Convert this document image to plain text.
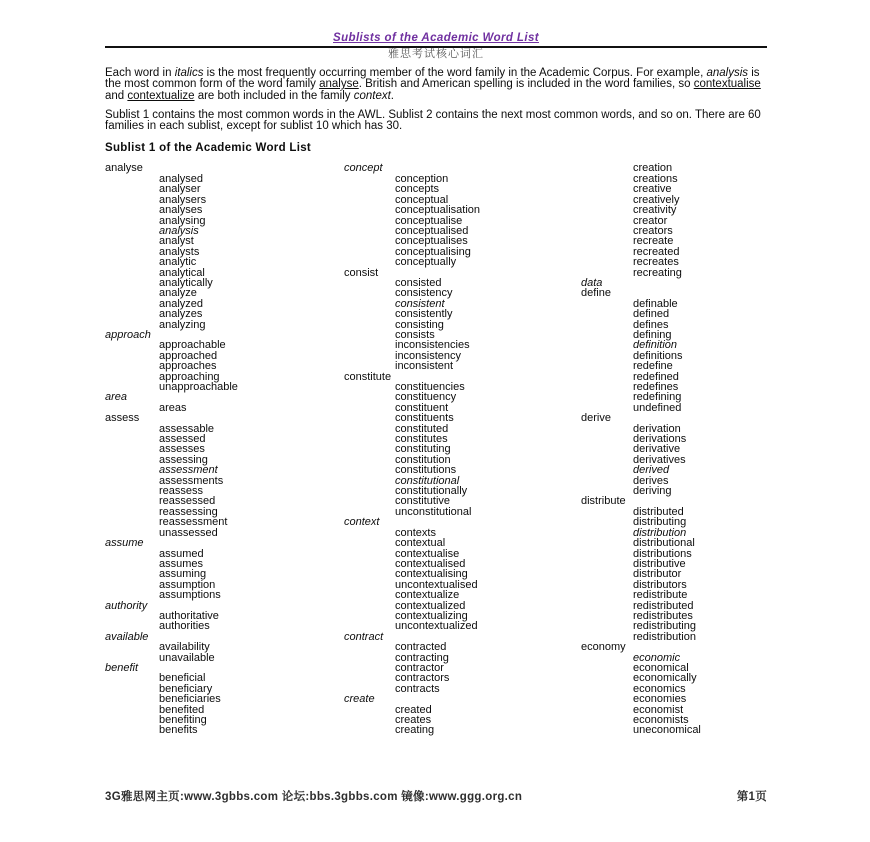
Sublists of the Academic Word List
雅思考试核心词汇

Each word in italics is the most frequently occurring member of the word family in the Academic Corpus. For example, analysis is the most common form of the word family analyse. British and American spelling is included in the word families, so contextualise and contextualize are both included in the family context.

Sublist 1 contains the most common words in the AWL. Sublist 2 contains the next most common words, and so on. There are 60 families in each sublist, except for sublist 10 which has 30.

Sublist 1 of the Academic Word List
analyse
analysed
analyser
analysers
analyses
analysing
analysis
analyst
analysts
analytic
analytical
analytically
analyze
analyzed
analyzes
analyzing
approach
approachable
approached
approaches
approaching
unapproachable
area
areas
assess
assessable
assessed
assesses
assessing
assessment
assessments
reassess
reassessed
reassessing
reassessment
unassessed
assume
assumed
assumes
assuming
assumption
assumptions
authority
authoritative
authorities
available
availability
unavailable
benefit
beneficial
beneficiary
beneficiaries
benefited
benefiting
benefits
concept
conception
concepts
conceptual
conceptualisation
conceptualise
conceptualised
conceptualises
conceptualising
conceptually
consist
consisted
consistency
consistent
consistently
consisting
consists
inconsistencies
inconsistency
inconsistent
constitute
constituencies
constituency
constituent
constituents
constituted
constitutes
constituting
constitution
constitutions
constitutional
constitutionally
constitutive
unconstitutional
context
contexts
contextual
contextualise
contextualised
contextualising
uncontextualised
contextualize
contextualized
contextualizing
uncontextualized
contract
contracted
contracting
contractor
contractors
contracts
create
created
creates
creating
creation
creations
creative
creatively
creativity
creator
creators
recreate
recreated
recreates
recreating
data
define
definable
defined
defines
defining
definition
definitions
redefine
redefined
redefines
redefining
undefined
derive
derivation
derivations
derivative
derivatives
derived
derives
deriving
distribute
distributed
distributing
distribution
distributional
distributions
distributive
distributor
distributors
redistribute
redistributed
redistributes
redistributing
redistribution
economy
economic
economical
economically
economics
economies
economist
economists
uneconomical
3G雅思网主页:www.3gbbs.com 论坛:bbs.3gbbs.com 镜像:www.ggg.org.cn	第1页
